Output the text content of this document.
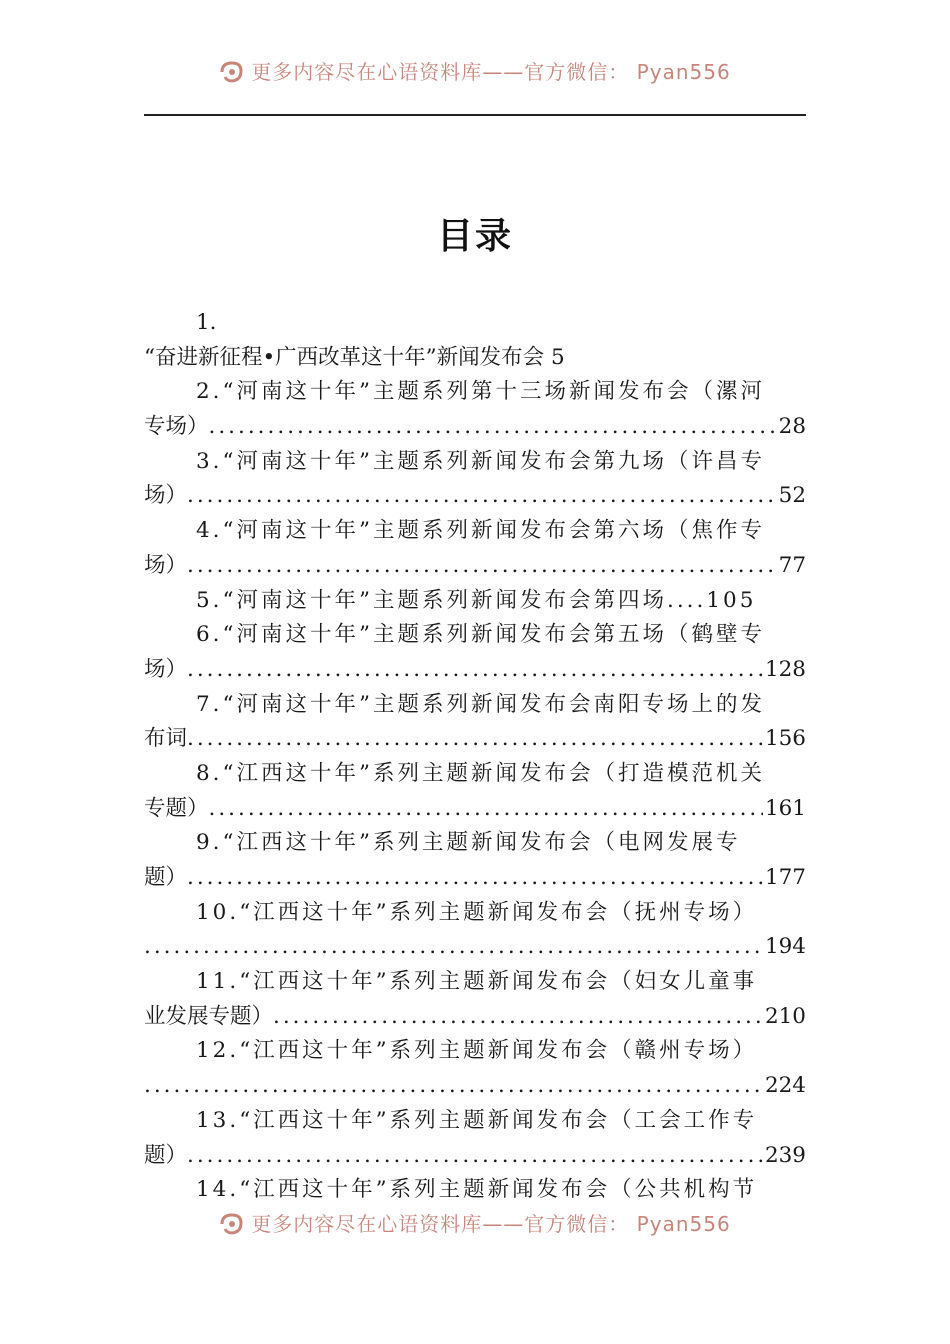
更多内容尽在心语资料库——官方微信： Pyan556
目录
1.
“奋进新征程•广西改革这十年”新闻发布会 5
2.“河南这十年”主题系列第十三场新闻发布会（漯河
专场） .....	28
3.“河南这十年”主题系列新闻发布会第九场（许昌专
场） .....	52
4.“河南这十年”主题系列新闻发布会第六场（焦作专
场） .....	77
5.“河南这十年”主题系列新闻发布会第四场....105
6.“河南这十年”主题系列新闻发布会第五场（鹤壁专
场） .....	128
7.“河南这十年”主题系列新闻发布会南阳专场上的发
布词 .....	156
8.“江西这十年”系列主题新闻发布会（打造模范机关
专题） .....	161
9.“江西这十年”系列主题新闻发布会（电网发展专
题） .....	177
10.“江西这十年”系列主题新闻发布会（抚州专场）
.....
194
11.“江西这十年”系列主题新闻发布会（妇女儿童事
业发展专题） .....	210
12.“江西这十年”系列主题新闻发布会（赣州专场）
.....
224
13.“江西这十年”系列主题新闻发布会（工会工作专
题） .....	239
14.“江西这十年”系列主题新闻发布会（公共机构节
更多内容尽在心语资料库——官方微信： Pyan556
